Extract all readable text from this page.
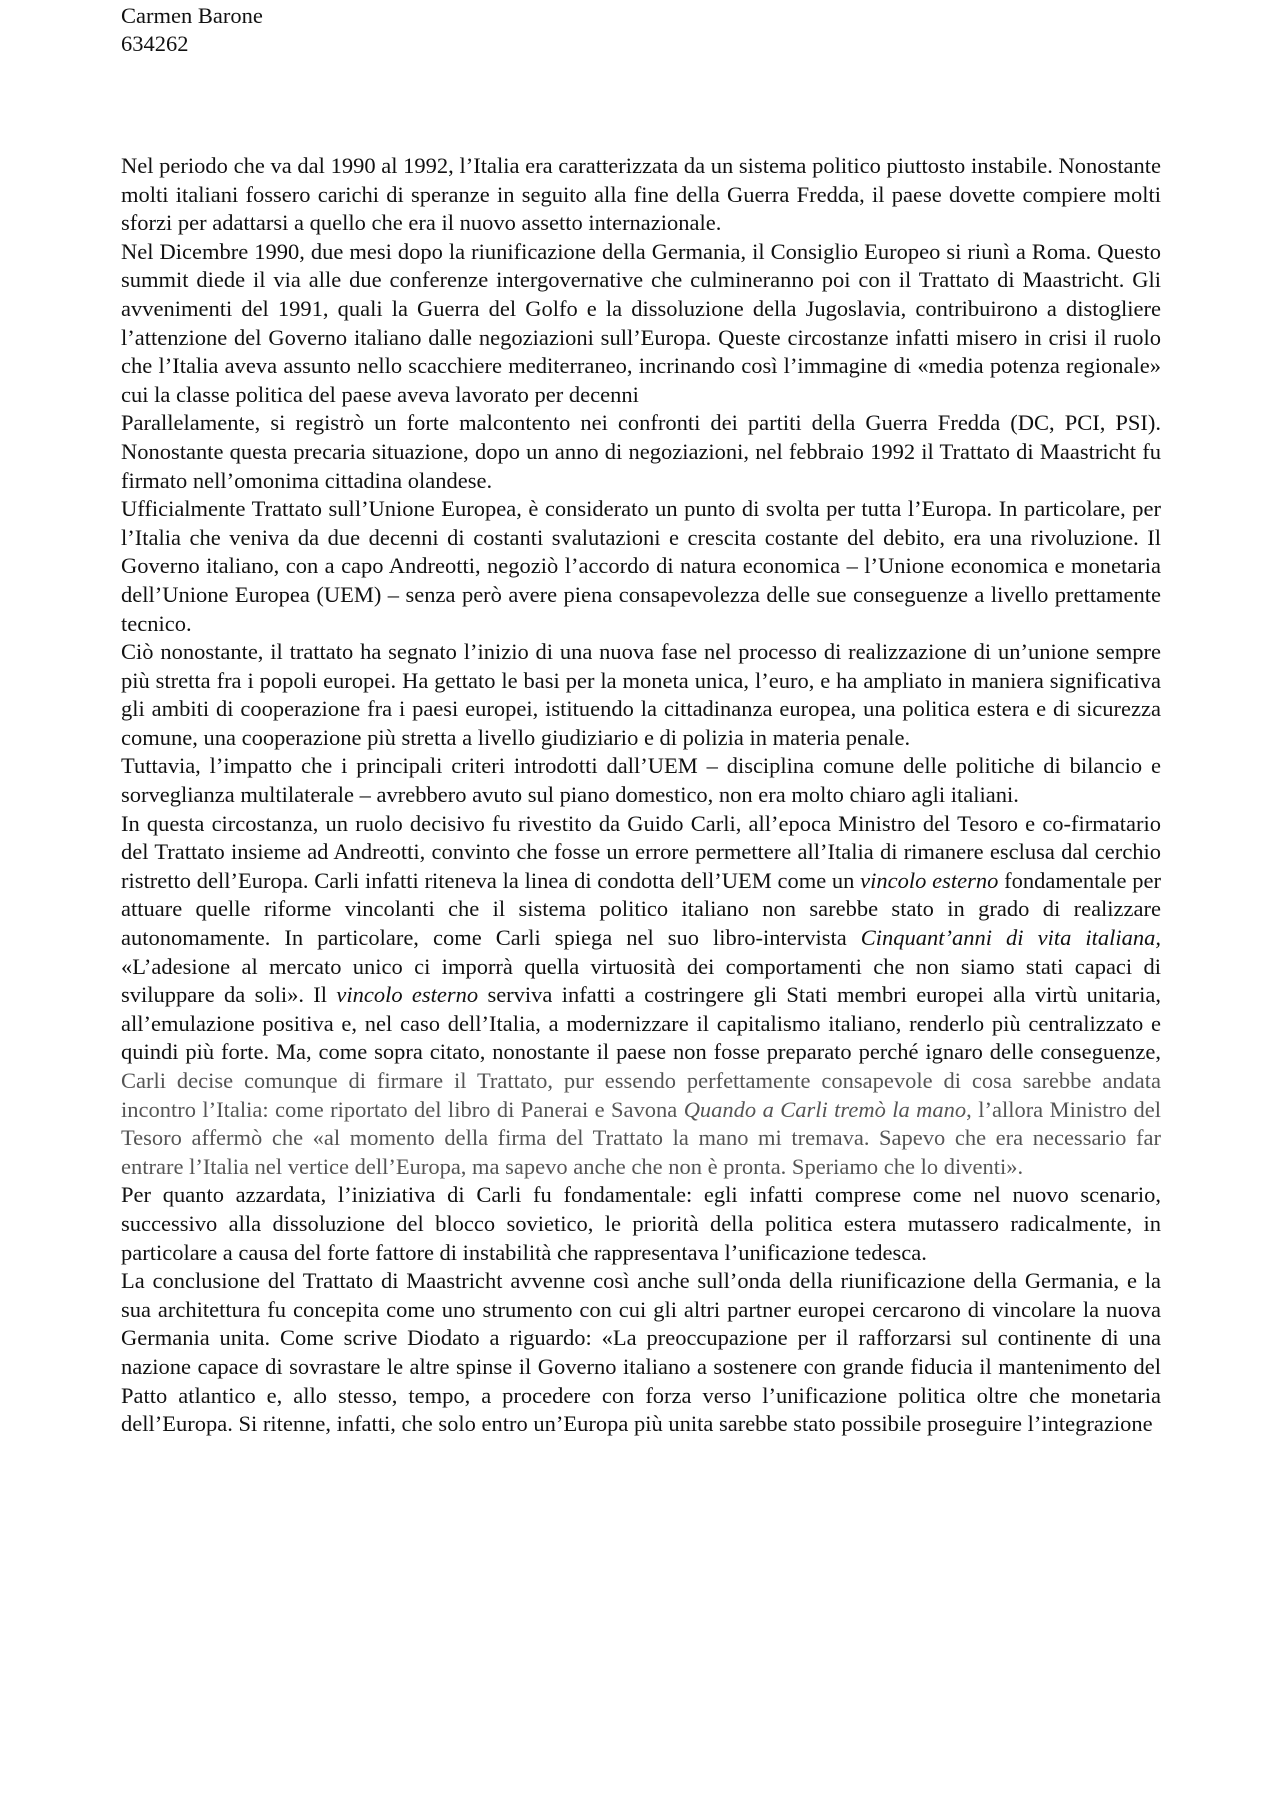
Carmen Barone
634262

Nel periodo che va dal 1990 al 1992, l’Italia era caratterizzata da un sistema politico piuttosto instabile. Nonostante molti italiani fossero carichi di speranze in seguito alla fine della Guerra Fredda, il paese dovette compiere molti sforzi per adattarsi a quello che era il nuovo assetto internazionale.

Nel Dicembre 1990, due mesi dopo la riunificazione della Germania, il Consiglio Europeo si riunì a Roma. Questo summit diede il via alle due conferenze intergovernative che culmineranno poi con il Trattato di Maastricht. Gli avvenimenti del 1991, quali la Guerra del Golfo e la dissoluzione della Jugoslavia, contribuirono a distogliere l’attenzione del Governo italiano dalle negoziazioni sull’Europa. Queste circostanze infatti misero in crisi il ruolo che l’Italia aveva assunto nello scacchiere mediterraneo, incrinando così l’immagine di «media potenza regionale» cui la classe politica del paese aveva lavorato per decenni

Parallelamente, si registrò un forte malcontento nei confronti dei partiti della Guerra Fredda (DC, PCI, PSI). Nonostante questa precaria situazione, dopo un anno di negoziazioni, nel febbraio 1992 il Trattato di Maastricht fu firmato nell’omonima cittadina olandese.

Ufficialmente Trattato sull’Unione Europea, è considerato un punto di svolta per tutta l’Europa. In particolare, per l’Italia che veniva da due decenni di costanti svalutazioni e crescita costante del debito, era una rivoluzione. Il Governo italiano, con a capo Andreotti, negoziò l’accordo di natura economica – l’Unione economica e monetaria dell’Unione Europea (UEM) – senza però avere piena consapevolezza delle sue conseguenze a livello prettamente tecnico.

Ciò nonostante, il trattato ha segnato l’inizio di una nuova fase nel processo di realizzazione di un’unione sempre più stretta fra i popoli europei. Ha gettato le basi per la moneta unica, l’euro, e ha ampliato in maniera significativa gli ambiti di cooperazione fra i paesi europei, istituendo la cittadinanza europea, una politica estera e di sicurezza comune, una cooperazione più stretta a livello giudiziario e di polizia in materia penale.

Tuttavia, l’impatto che i principali criteri introdotti dall’UEM – disciplina comune delle politiche di bilancio e sorveglianza multilaterale – avrebbero avuto sul piano domestico, non era molto chiaro agli italiani.

In questa circostanza, un ruolo decisivo fu rivestito da Guido Carli, all’epoca Ministro del Tesoro e co-firmatario del Trattato insieme ad Andreotti, convinto che fosse un errore permettere all’Italia di rimanere esclusa dal cerchio ristretto dell’Europa. Carli infatti riteneva la linea di condotta dell’UEM come un vincolo esterno fondamentale per attuare quelle riforme vincolanti che il sistema politico italiano non sarebbe stato in grado di realizzare autonomamente. In particolare, come Carli spiega nel suo libro-intervista Cinquant’anni di vita italiana, «L’adesione al mercato unico ci imporrà quella virtuosità dei comportamenti che non siamo stati capaci di sviluppare da soli». Il vincolo esterno serviva infatti a costringere gli Stati membri europei alla virtù unitaria, all’emulazione positiva e, nel caso dell’Italia, a modernizzare il capitalismo italiano, renderlo più centralizzato e quindi più forte. Ma, come sopra citato, nonostante il paese non fosse preparato perché ignaro delle conseguenze, Carli decise comunque di firmare il Trattato, pur essendo perfettamente consapevole di cosa sarebbe andata incontro l’Italia: come riportato del libro di Panerai e Savona Quando a Carli tremò la mano, l’allora Ministro del Tesoro affermò che «al momento della firma del Trattato la mano mi tremava. Sapevo che era necessario far entrare l’Italia nel vertice dell’Europa, ma sapevo anche che non è pronta. Speriamo che lo diventi».

Per quanto azzardata, l’iniziativa di Carli fu fondamentale: egli infatti comprese come nel nuovo scenario, successivo alla dissoluzione del blocco sovietico, le priorità della politica estera mutassero radicalmente, in particolare a causa del forte fattore di instabilità che rappresentava l’unificazione tedesca.

La conclusione del Trattato di Maastricht avvenne così anche sull’onda della riunificazione della Germania, e la sua architettura fu concepita come uno strumento con cui gli altri partner europei cercarono di vincolare la nuova Germania unita. Come scrive Diodato a riguardo: «La preoccupazione per il rafforzarsi sul continente di una nazione capace di sovrastare le altre spinse il Governo italiano a sostenere con grande fiducia il mantenimento del Patto atlantico e, allo stesso, tempo, a procedere con forza verso l’unificazione politica oltre che monetaria dell’Europa. Si ritenne, infatti, che solo entro un’Europa più unita sarebbe stato possibile proseguire l’integrazione
